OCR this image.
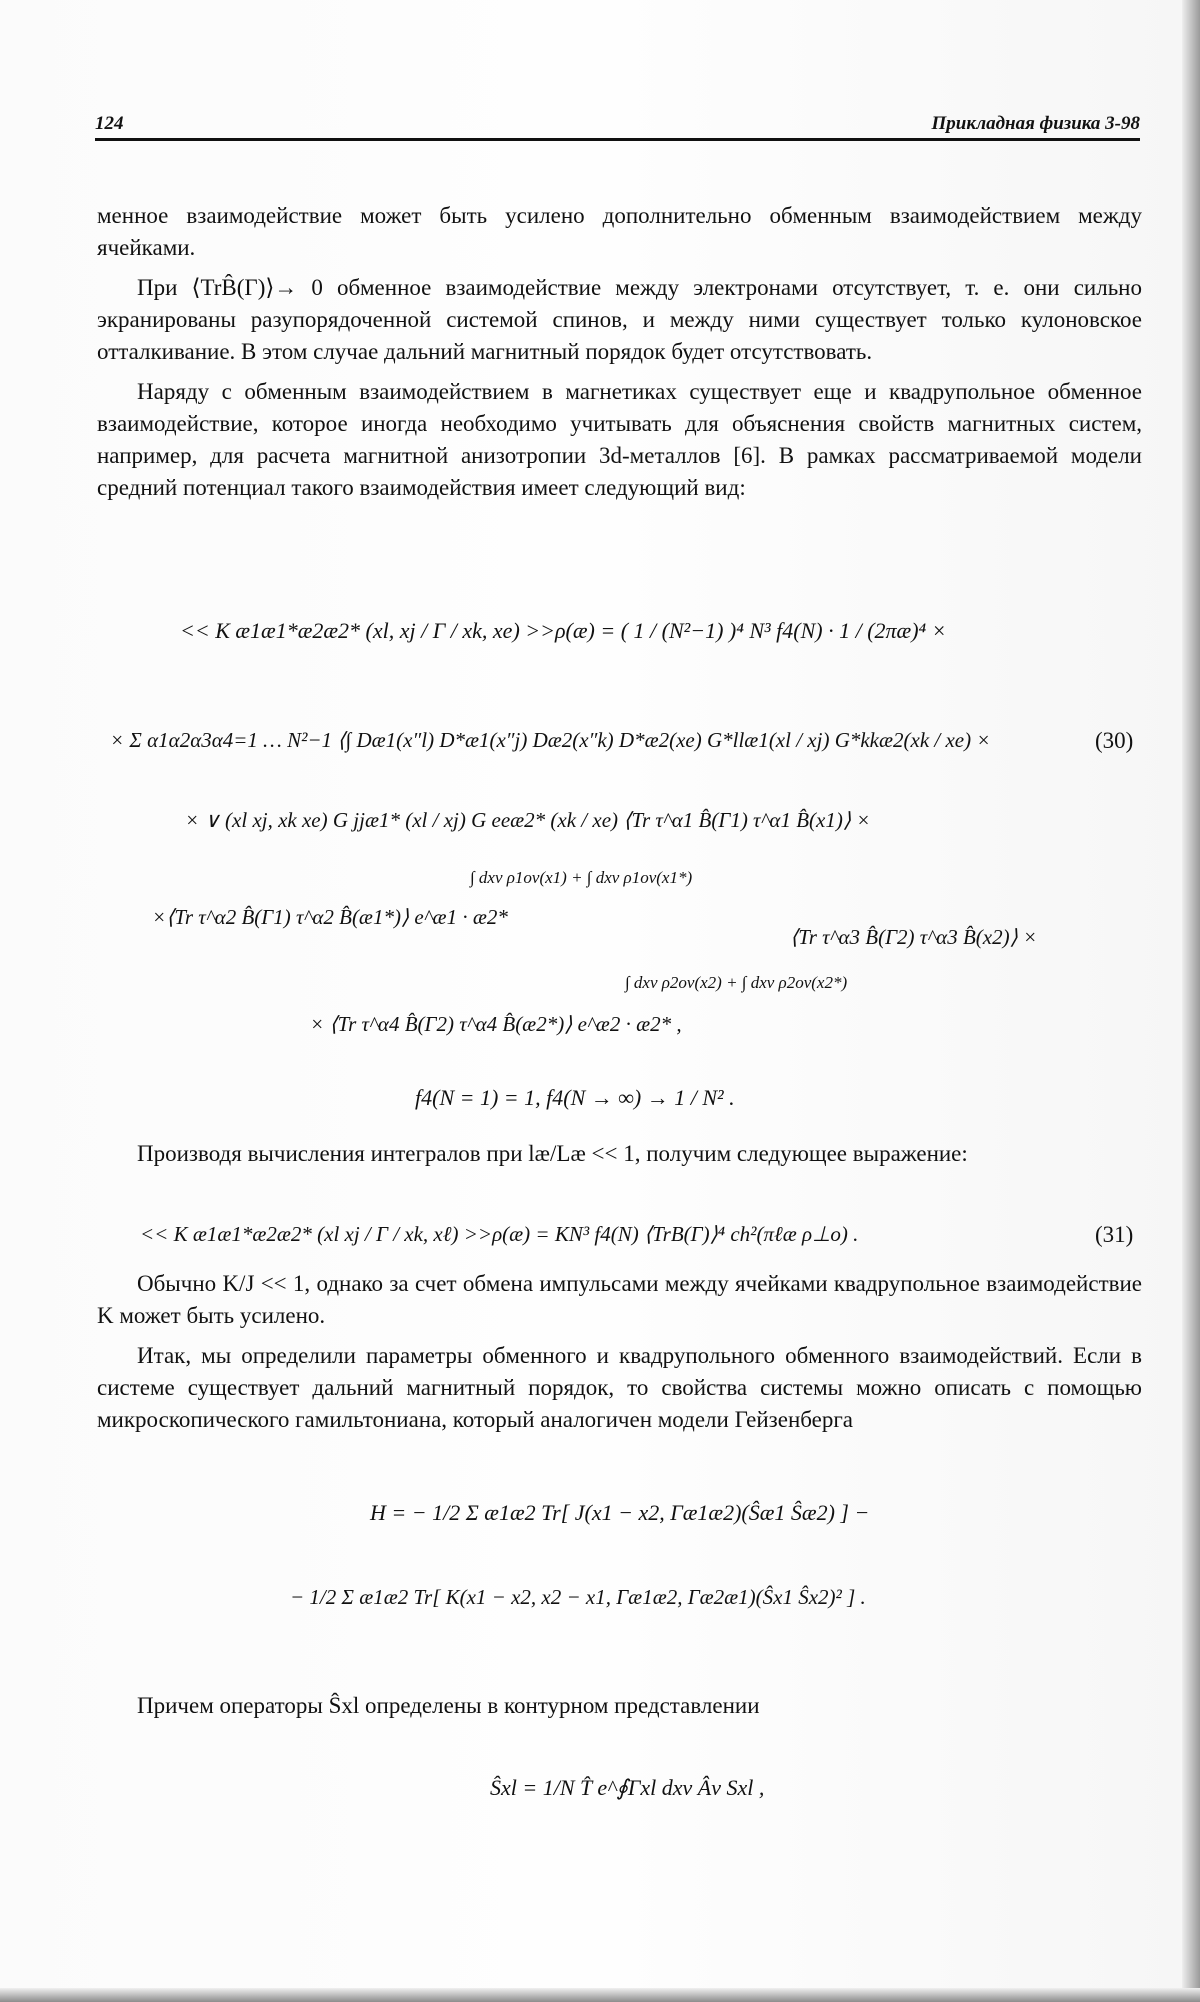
124	Прикладная физика 3-98

менное взаимодействие может быть усилено дополнительно обменным взаимодействием между ячейками.

При ⟨TrB̂(Γ)⟩→ 0 обменное взаимодействие между электронами отсутствует, т. е. они сильно экранированы разупорядоченной системой спинов, и между ними существует только кулоновское отталкивание. В этом случае дальний магнитный порядок будет отсутствовать.

Наряду с обменным взаимодействием в магнетиках существует еще и квадрупольное обменное взаимодействие, которое иногда необходимо учитывать для объяснения свойств магнитных систем, например, для расчета магнитной анизотропии 3d-металлов [6]. В рамках рассматриваемой модели средний потенциал такого взаимодействия имеет следующий вид:

<< K æ1æ1*æ2æ2* (xl, xj / Γ / xk, xe) >>ρ(æ) = ( 1 / (N²−1) )⁴ N³ f4(N) · 1 / (2πæ)⁴ ×
× Σ α1α2α3α4=1 … N²−1 ⟨∫ Dæ1(x″l) D*æ1(x″j) Dæ2(x″k) D*æ2(xe) G*llæ1(xl / xj) G*kkæ2(xk / xe) ×	(30)
× ∨ (xl xj, xk xe) G jjæ1* (xl / xj) G eeæ2* (xk / xe) ⟨Tr τ^α1 B̂(Γ1) τ^α1 B̂(x1)⟩ ×
∫ dxν ρ1oν(x1) + ∫ dxν ρ1oν(x1*)
×⟨Tr τ^α2 B̂(Γ1) τ^α2 B̂(æ1*)⟩ e^æ1 · æ2*
⟨Tr τ^α3 B̂(Γ2) τ^α3 B̂(x2)⟩ ×
∫ dxν ρ2oν(x2) + ∫ dxν ρ2oν(x2*)
× ⟨Tr τ^α4 B̂(Γ2) τ^α4 B̂(æ2*)⟩ e^æ2 · æ2* ,
f4(N = 1) = 1, f4(N → ∞) → 1 / N² .

Производя вычисления интегралов при læ/Læ << 1, получим следующее выражение:

<< K æ1æ1*æ2æ2* (xl xj / Γ / xk, xℓ) >>ρ(æ) = KN³ f4(N) ⟨TrB(Γ)⟩⁴ ch²(πℓæ ρ⊥o) .	(31)

Обычно K/J << 1, однако за счет обмена импульсами между ячейками квадрупольное взаимодействие K может быть усилено.

Итак, мы определили параметры обменного и квадрупольного обменного взаимодействий. Если в системе существует дальний магнитный порядок, то свойства системы можно описать с помощью микроскопического гамильтониана, который аналогичен модели Гейзенберга

H = − 1/2 Σ æ1æ2 Tr[ J(x1 − x2, Γæ1æ2)(Ŝæ1 Ŝæ2) ] −
− 1/2 Σ æ1æ2 Tr[ K(x1 − x2, x2 − x1, Γæ1æ2, Γæ2æ1)(Ŝx1 Ŝx2)² ] .

Причем операторы Ŝxl определены в контурном представлении

Ŝxl = 1/N T̂ e^∮Γxl dxν Âν Sxl ,
